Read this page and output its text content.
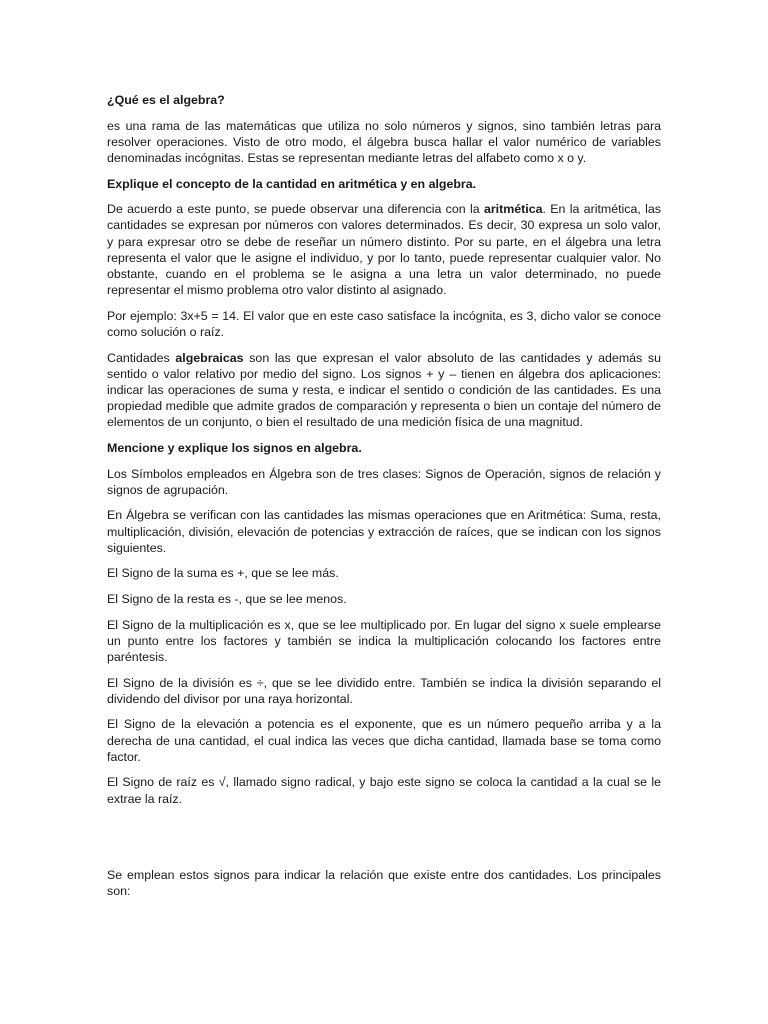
¿Qué es el algebra?

es una rama de las matemáticas que utiliza no solo números y signos, sino también letras para resolver operaciones. Visto de otro modo, el álgebra busca hallar el valor numérico de variables denominadas incógnitas. Estas se representan mediante letras del alfabeto como x o y.

Explique el concepto de la cantidad en aritmética y en algebra.

De acuerdo a este punto, se puede observar una diferencia con la aritmética. En la aritmética, las cantidades se expresan por números con valores determinados. Es decir, 30 expresa un solo valor, y para expresar otro se debe de reseñar un número distinto. Por su parte, en el álgebra una letra representa el valor que le asigne el individuo, y por lo tanto, puede representar cualquier valor. No obstante, cuando en el problema se le asigna a una letra un valor determinado, no puede representar el mismo problema otro valor distinto al asignado.

Por ejemplo: 3x+5 = 14. El valor que en este caso satisface la incógnita, es 3, dicho valor se conoce como solución o raíz.

Cantidades algebraicas son las que expresan el valor absoluto de las cantidades y además su sentido o valor relativo por medio del signo. Los signos + y – tienen en álgebra dos aplicaciones: indicar las operaciones de suma y resta, e indicar el sentido o condición de las cantidades. Es una propiedad medible que admite grados de comparación y representa o bien un contaje del número de elementos de un conjunto, o bien el resultado de una medición física de una magnitud.

Mencione y explique los signos en algebra.

Los Símbolos empleados en Álgebra son de tres clases: Signos de Operación, signos de relación y signos de agrupación.

En Álgebra se verifican con las cantidades las mismas operaciones que en Aritmética: Suma, resta, multiplicación, división, elevación de potencias y extracción de raíces, que se indican con los signos siguientes.

El Signo de la suma es +, que se lee más.

El Signo de la resta es -, que se lee menos.

El Signo de la multiplicación es x, que se lee multiplicado por. En lugar del signo x suele emplearse un punto entre los factores y también se indica la multiplicación colocando los factores entre paréntesis.

El Signo de la división es ÷, que se lee dividido entre. También se indica la división separando el dividendo del divisor por una raya horizontal.

El Signo de la elevación a potencia es el exponente, que es un número pequeño arriba y a la derecha de una cantidad, el cual indica las veces que dicha cantidad, llamada base se toma como factor.

El Signo de raíz es √, llamado signo radical, y bajo este signo se coloca la cantidad a la cual se le extrae la raíz.

Se emplean estos signos para indicar la relación que existe entre dos cantidades. Los principales son:
